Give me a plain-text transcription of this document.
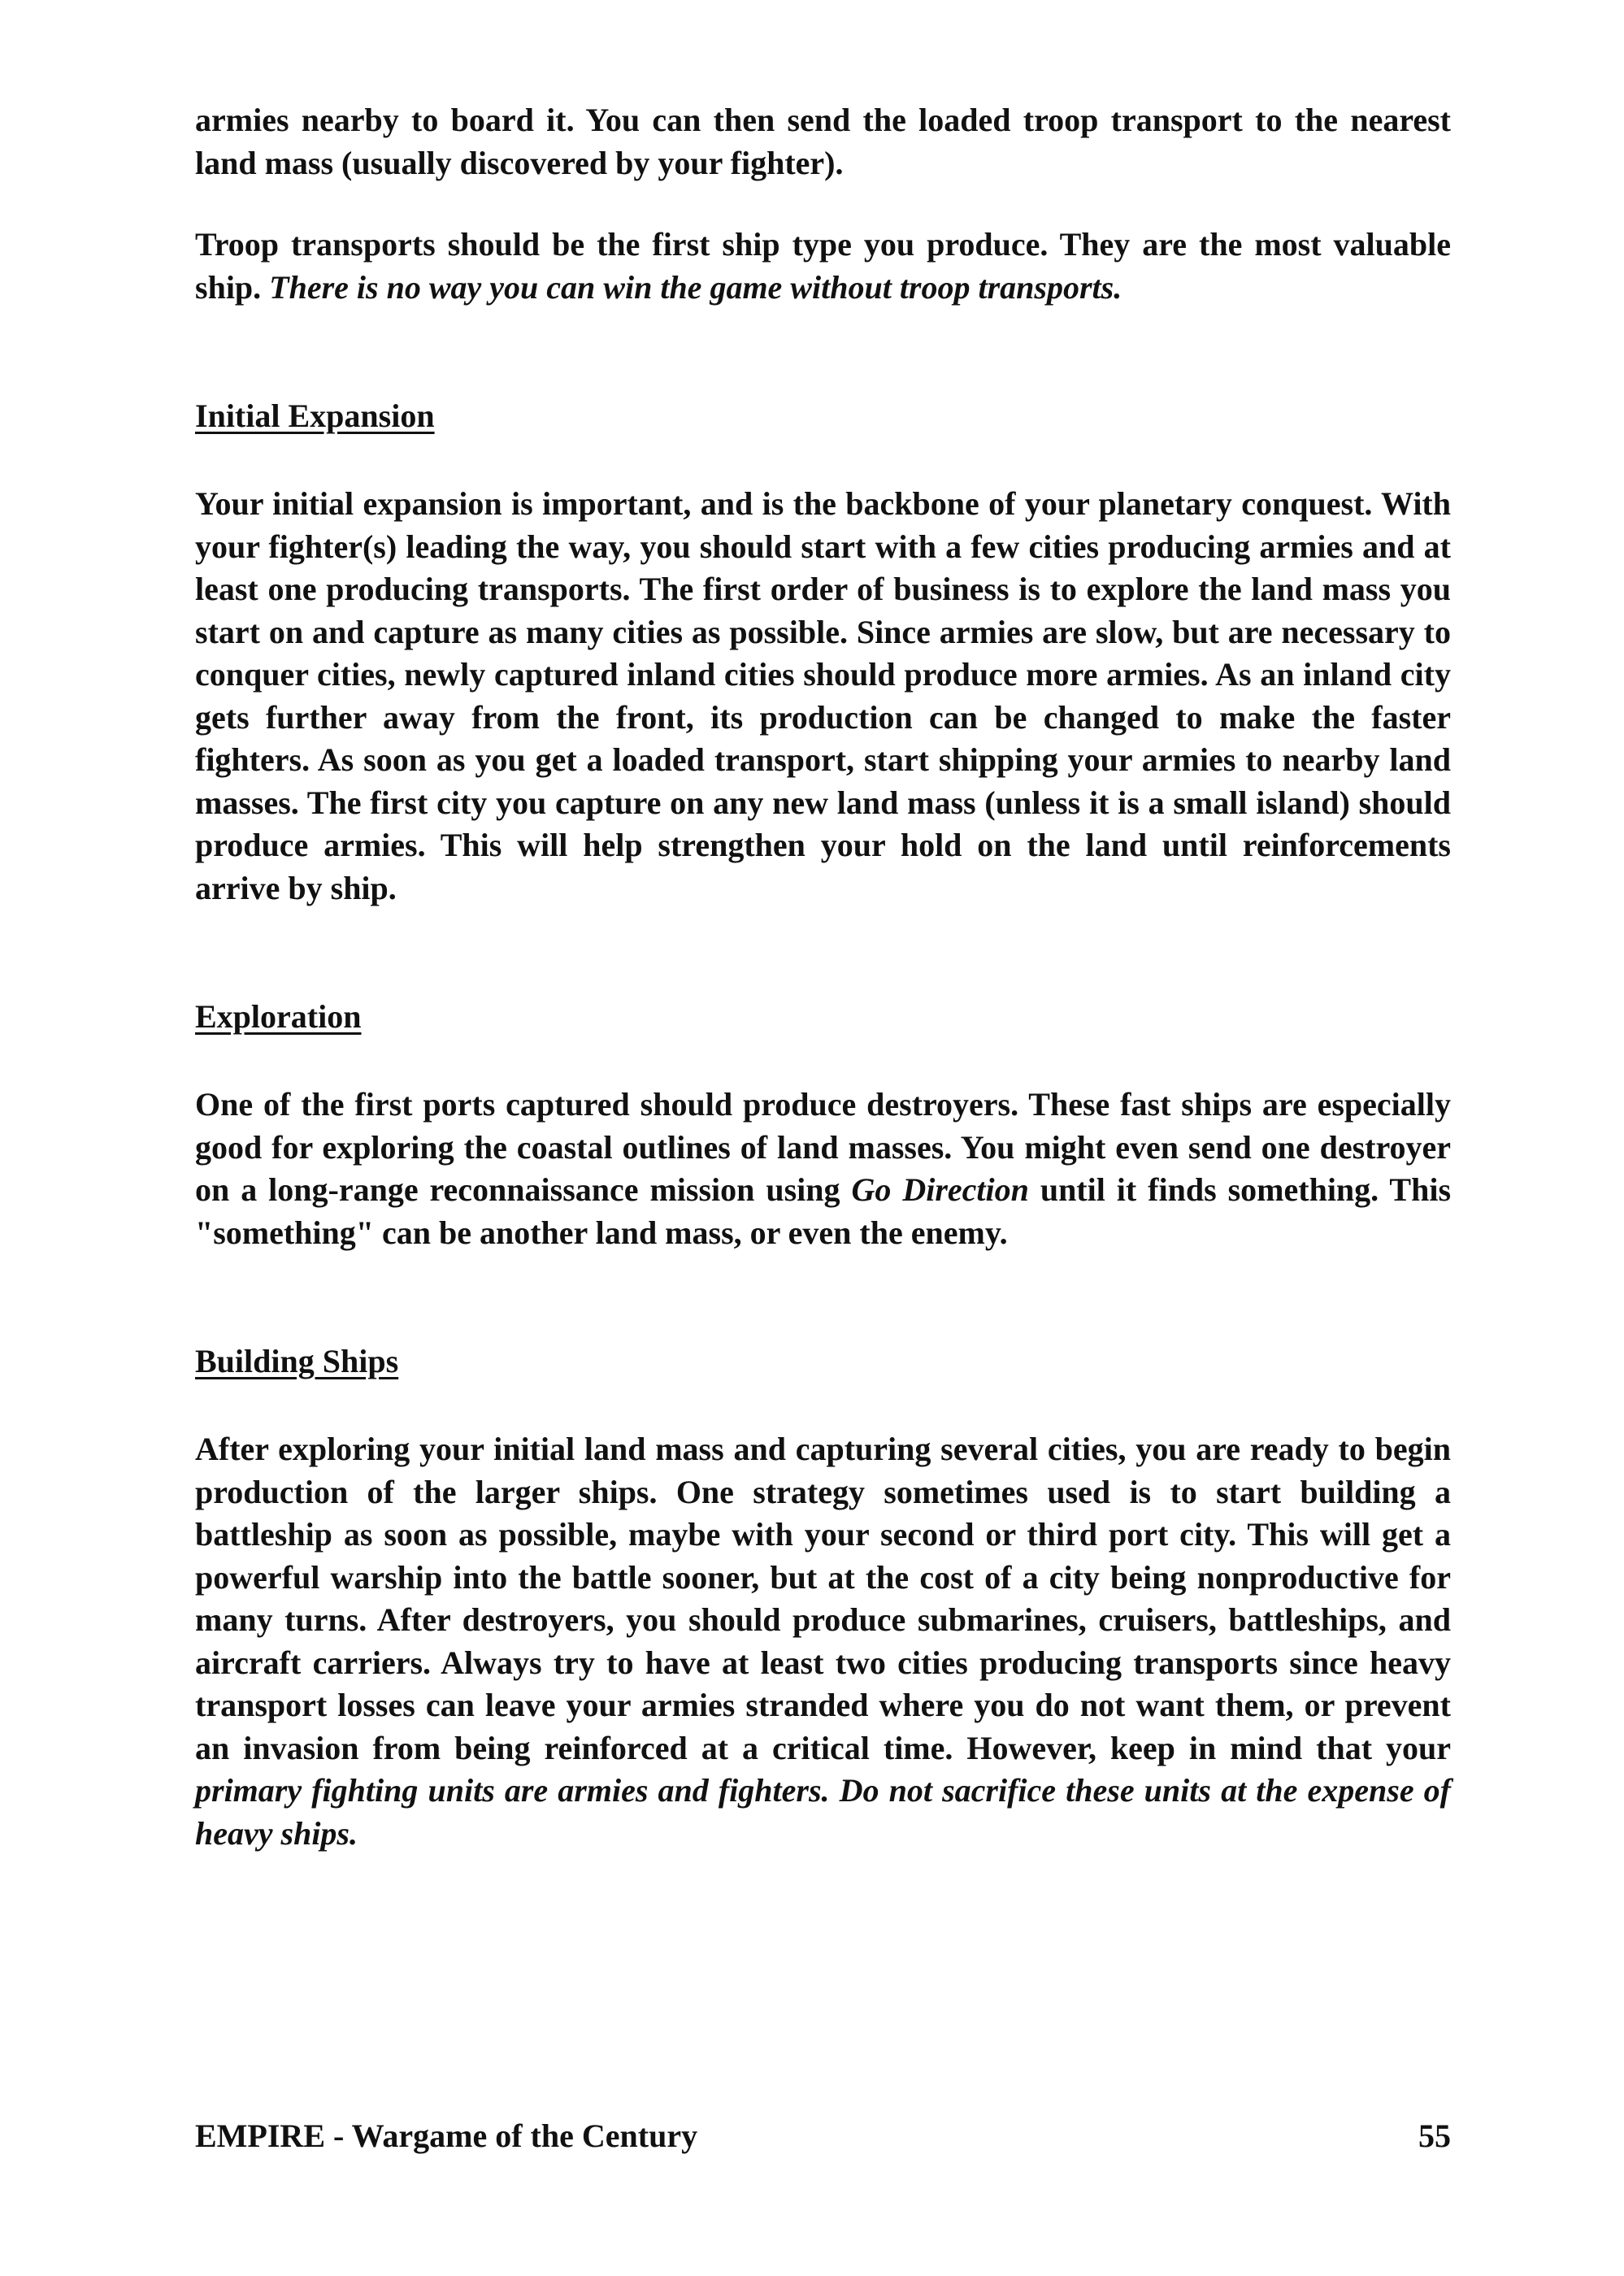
armies nearby to board it. You can then send the loaded troop transport to the nearest land mass (usually discovered by your fighter).

Troop transports should be the first ship type you produce. They are the most valuable ship. There is no way you can win the game without troop transports.

Initial Expansion

Your initial expansion is important, and is the backbone of your planetary conquest. With your fighter(s) leading the way, you should start with a few cities producing armies and at least one producing transports. The first order of business is to explore the land mass you start on and capture as many cities as possible. Since armies are slow, but are necessary to conquer cities, newly captured inland cities should produce more armies. As an inland city gets further away from the front, its production can be changed to make the faster fighters. As soon as you get a loaded transport, start shipping your armies to nearby land masses. The first city you capture on any new land mass (unless it is a small island) should produce armies. This will help strengthen your hold on the land until reinforcements arrive by ship.

Exploration

One of the first ports captured should produce destroyers. These fast ships are especially good for exploring the coastal outlines of land masses. You might even send one destroyer on a long-range reconnaissance mission using Go Direction until it finds something. This "something" can be another land mass, or even the enemy.

Building Ships

After exploring your initial land mass and capturing several cities, you are ready to begin production of the larger ships. One strategy sometimes used is to start building a battleship as soon as possible, maybe with your second or third port city. This will get a powerful warship into the battle sooner, but at the cost of a city being nonproductive for many turns. After destroyers, you should produce submarines, cruisers, battleships, and aircraft carriers. Always try to have at least two cities producing transports since heavy transport losses can leave your armies stranded where you do not want them, or prevent an invasion from being reinforced at a critical time. However, keep in mind that your primary fighting units are armies and fighters. Do not sacrifice these units at the expense of heavy ships.

EMPIRE - Wargame of the Century	55
